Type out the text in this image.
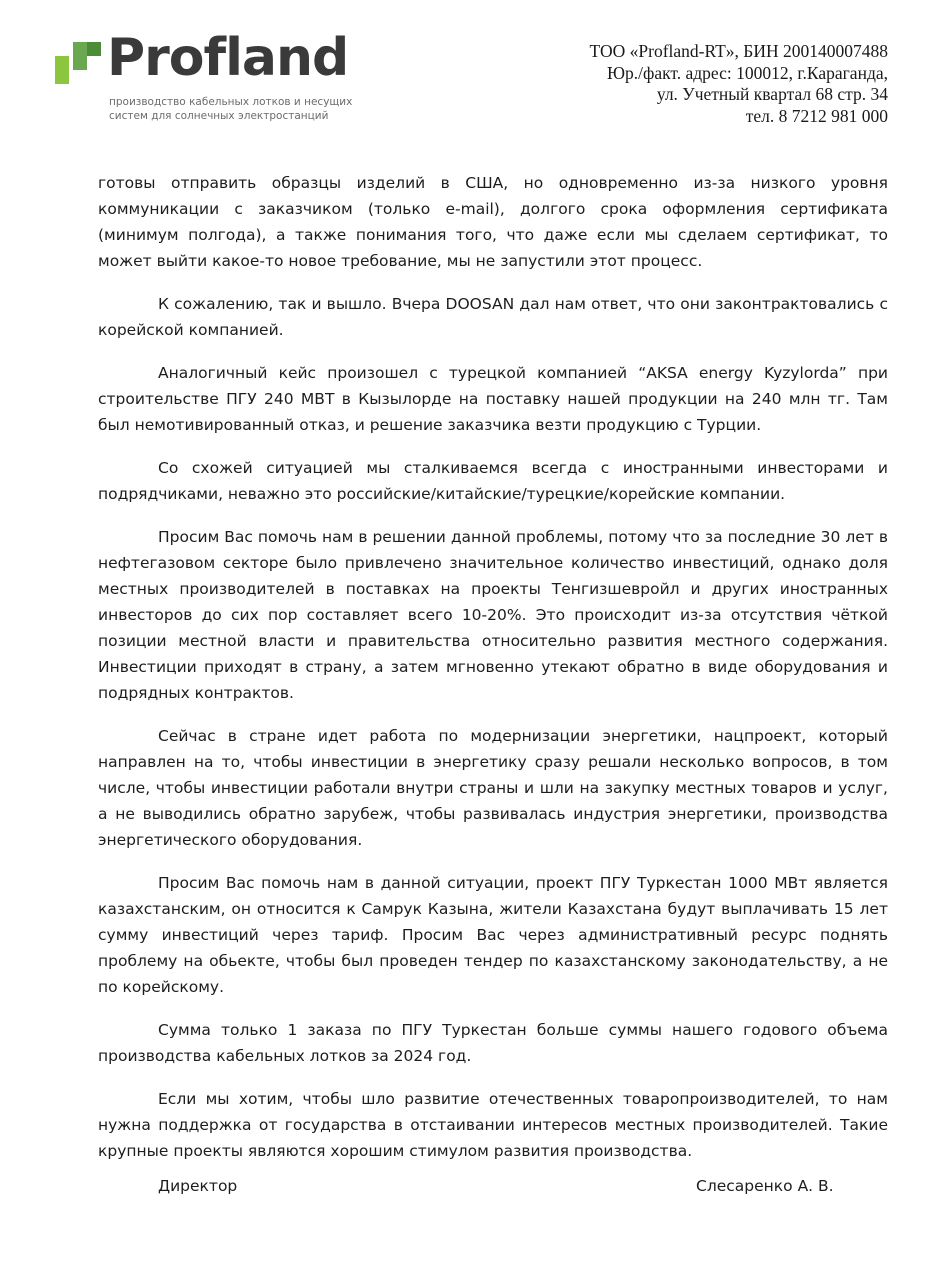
Profland
производство кабельных лотков и несущих
систем для солнечных электростанций
ТОО «Profland-RT», БИН 200140007488
Юр./факт. адрес: 100012, г.Караганда,
ул. Учетный квартал 68 стр. 34
тел. 8 7212 981 000

готовы отправить образцы изделий в США, но одновременно из-за низкого уровня коммуникации с заказчиком (только e-mail), долгого срока оформления сертификата (минимум полгода), а также понимания того, что даже если мы сделаем сертификат, то может выйти какое-то новое требование, мы не запустили этот процесс.

К сожалению, так и вышло. Вчера DOOSAN дал нам ответ, что они законтрактовались с корейской компанией.

Аналогичный кейс произошел с турецкой компанией “AKSA energy Kyzylorda” при строительстве ПГУ 240 МВТ в Кызылорде на поставку нашей продукции на 240 млн тг. Там был немотивированный отказ, и решение заказчика везти продукцию с Турции.

Со схожей ситуацией мы сталкиваемся всегда с иностранными инвесторами и подрядчиками, неважно это российские/китайские/турецкие/корейские компании.

Просим Вас помочь нам в решении данной проблемы, потому что за последние 30 лет в нефтегазовом секторе было привлечено значительное количество инвестиций, однако доля местных производителей в поставках на проекты Тенгизшевройл и других иностранных инвесторов до сих пор составляет всего 10-20%. Это происходит из-за отсутствия чёткой позиции местной власти и правительства относительно развития местного содержания. Инвестиции приходят в страну, а затем мгновенно утекают обратно в виде оборудования и подрядных контрактов.

Сейчас в стране идет работа по модернизации энергетики, нацпроект, который направлен на то, чтобы инвестиции в энергетику сразу решали несколько вопросов, в том числе, чтобы инвестиции работали внутри страны и шли на закупку местных товаров и услуг, а не выводились обратно зарубеж, чтобы развивалась индустрия энергетики, производства энергетического оборудования.

Просим Вас помочь нам в данной ситуации, проект ПГУ Туркестан 1000 МВт является казахстанским, он относится к Самрук Казына, жители Казахстана будут выплачивать 15 лет сумму инвестиций через тариф. Просим Вас через административный ресурс поднять проблему на обьекте, чтобы был проведен тендер по казахстанскому законодательству, а не по корейскому.

Сумма только 1 заказа по ПГУ Туркестан больше суммы нашего годового объема производства кабельных лотков за 2024 год.

Если мы хотим, чтобы шло развитие отечественных товаропроизводителей, то нам нужна поддержка от государства в отстаивании интересов местных производителей. Такие крупные проекты являются хорошим стимулом развития производства.

Директор	Слесаренко А. В.
